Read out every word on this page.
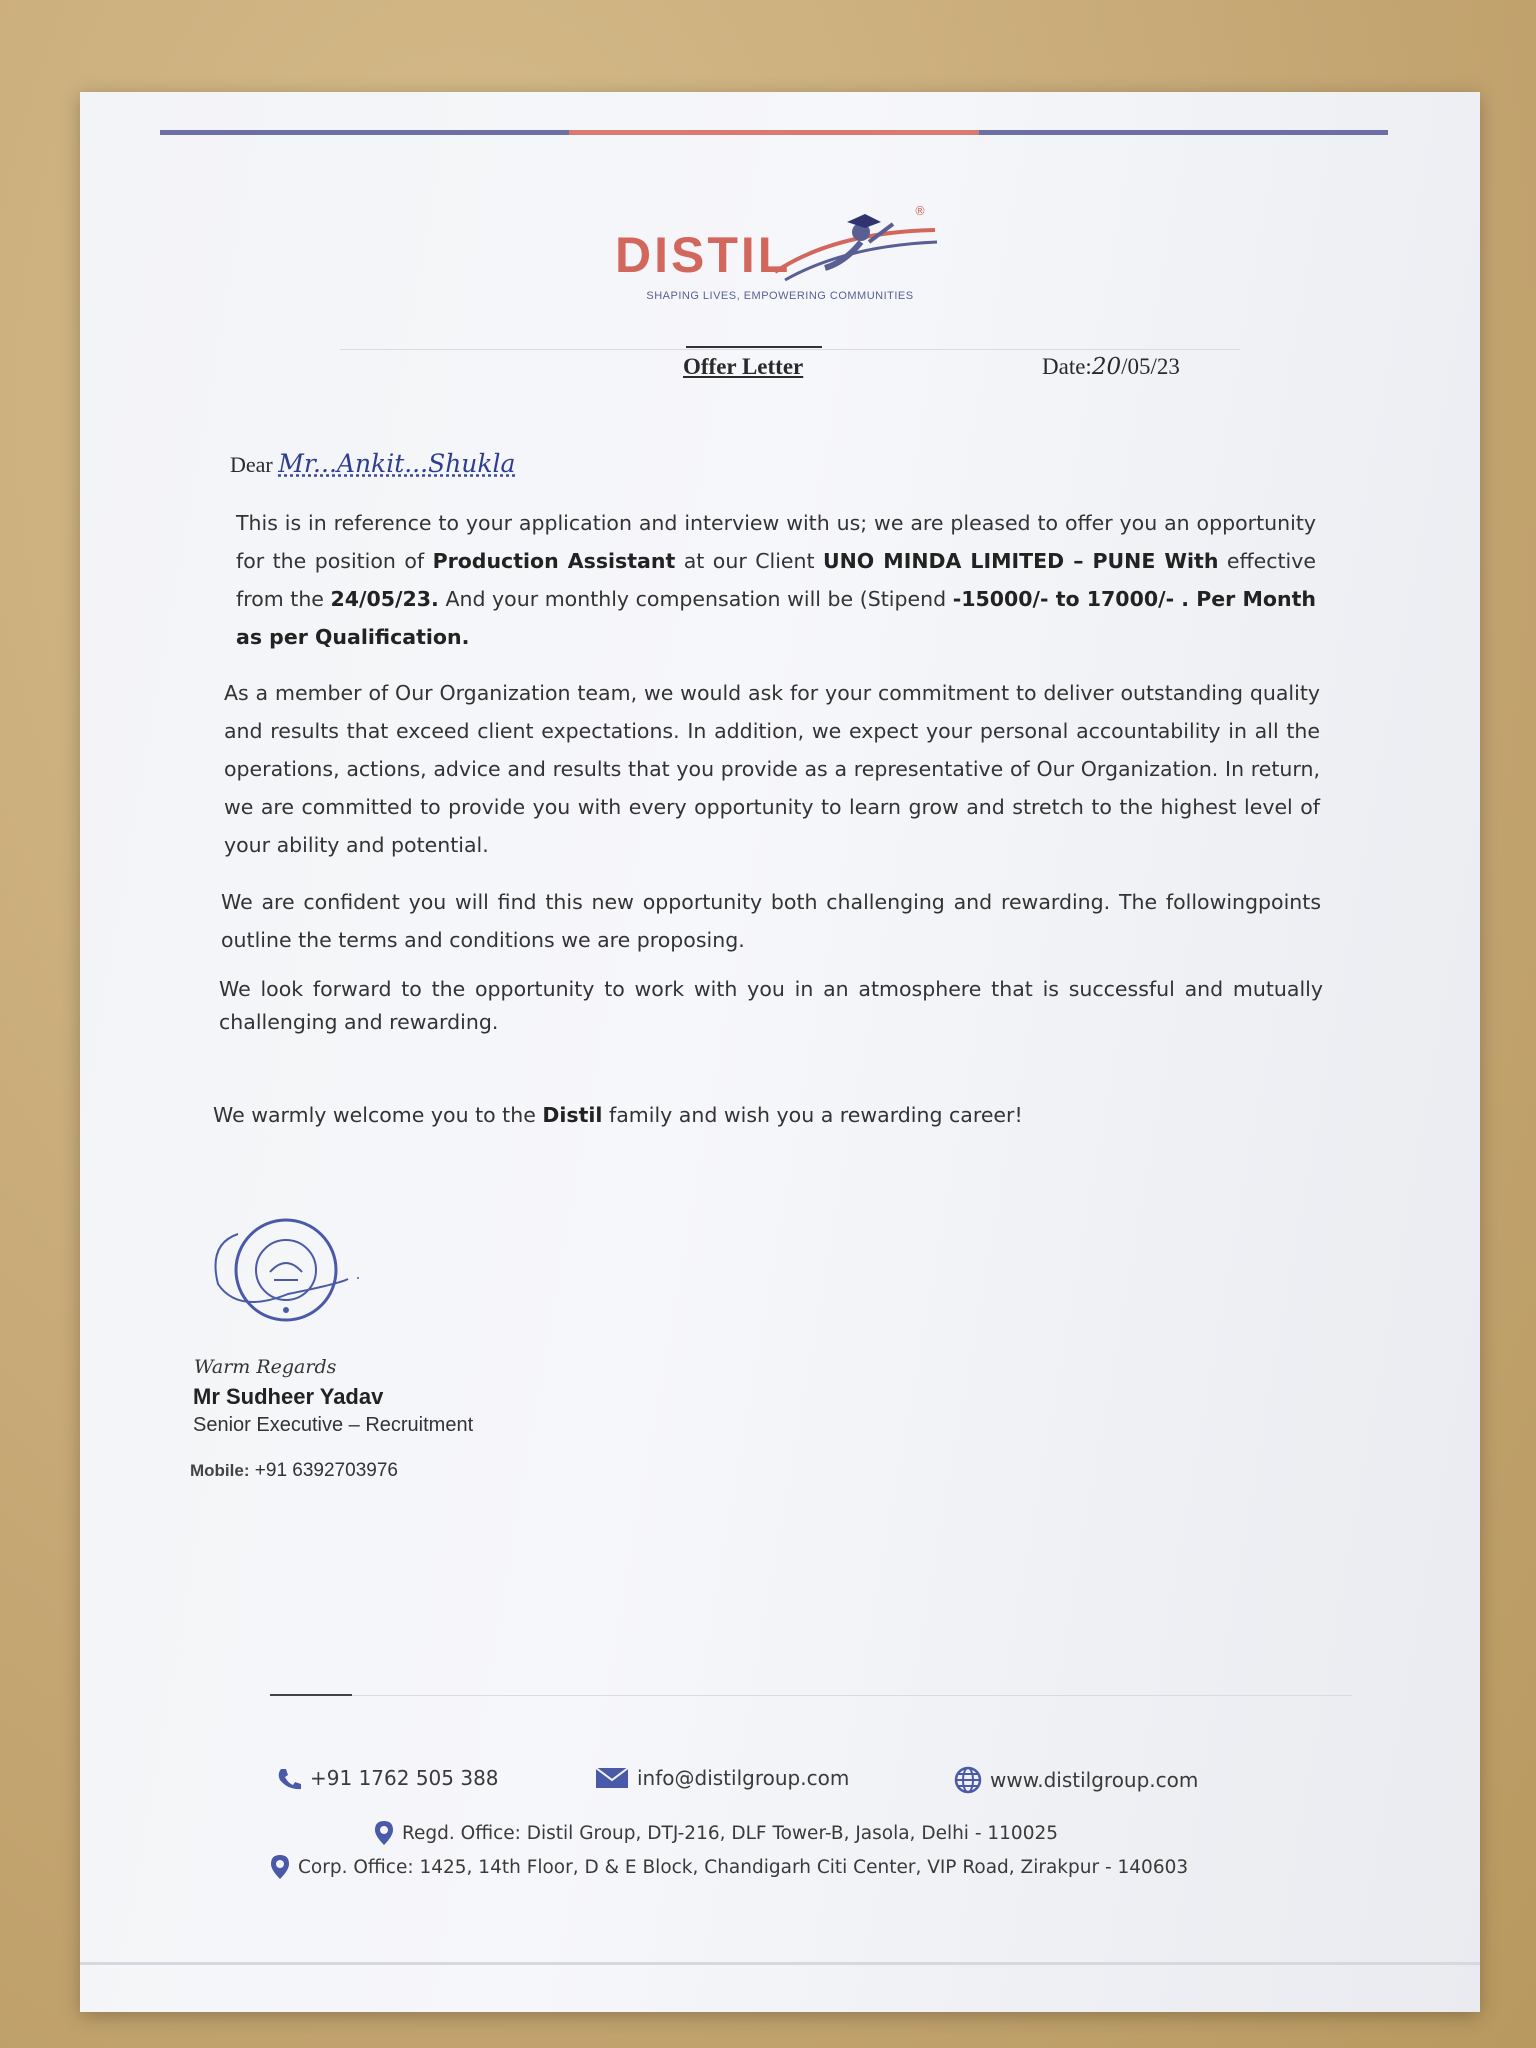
DISTIL
SHAPING LIVES, EMPOWERING COMMUNITIES
®
Offer Letter	Date:20/05/23
Dear Mr...Ankit...Shukla

This is in reference to your application and interview with us; we are pleased to offer you an opportunity for the position of Production Assistant at our Client UNO MINDA LIMITED – PUNE With effective from the 24/05/23. And your monthly compensation will be (Stipend -15000/- to 17000/- . Per Month as per Qualification.

As a member of Our Organization team, we would ask for your commitment to deliver outstanding quality and results that exceed client expectations. In addition, we expect your personal accountability in all the operations, actions, advice and results that you provide as a representative of Our Organization. In return, we are committed to provide you with every opportunity to learn grow and stretch to the highest level of your ability and potential.

We are confident you will find this new opportunity both challenging and rewarding. The followingpoints outline the terms and conditions we are proposing.

We look forward to the opportunity to work with you in an atmosphere that is successful and mutually challenging and rewarding.

We warmly welcome you to the Distil family and wish you a rewarding career!

Warm Regards
Mr Sudheer Yadav
Senior Executive – Recruitment
Mobile: +91 6392703976
+91 1762 505 388	info@distilgroup.com	www.distilgroup.com
Regd. Office: Distil Group, DTJ-216, DLF Tower-B, Jasola, Delhi - 110025
Corp. Office: 1425, 14th Floor, D & E Block, Chandigarh Citi Center, VIP Road, Zirakpur - 140603
